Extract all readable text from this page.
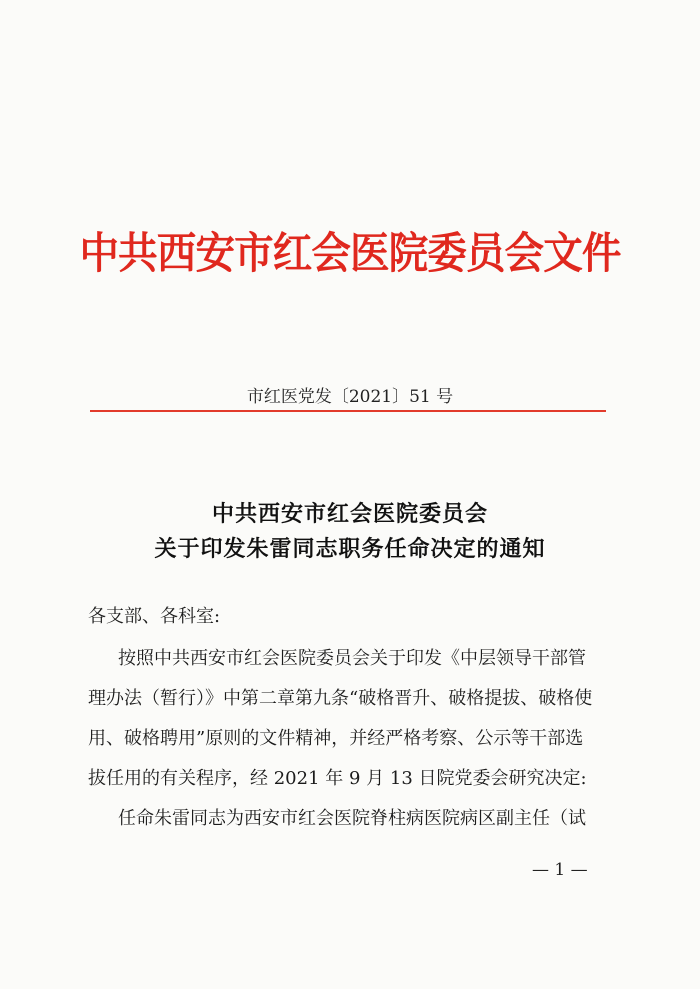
中共西安市红会医院委员会文件
市红医党发〔2021〕51 号
中共西安市红会医院委员会
关于印发朱雷同志职务任命决定的通知
各支部、各科室:
按照中共西安市红会医院委员会关于印发《中层领导干部管
理办法（暂行）》中第二章第九条“破格晋升、破格提拔、破格使
用、破格聘用”原则的文件精神，并经严格考察、公示等干部选
拔任用的有关程序，经 2021 年 9 月 13 日院党委会研究决定:
任命朱雷同志为西安市红会医院脊柱病医院病区副主任（试
— 1 —
